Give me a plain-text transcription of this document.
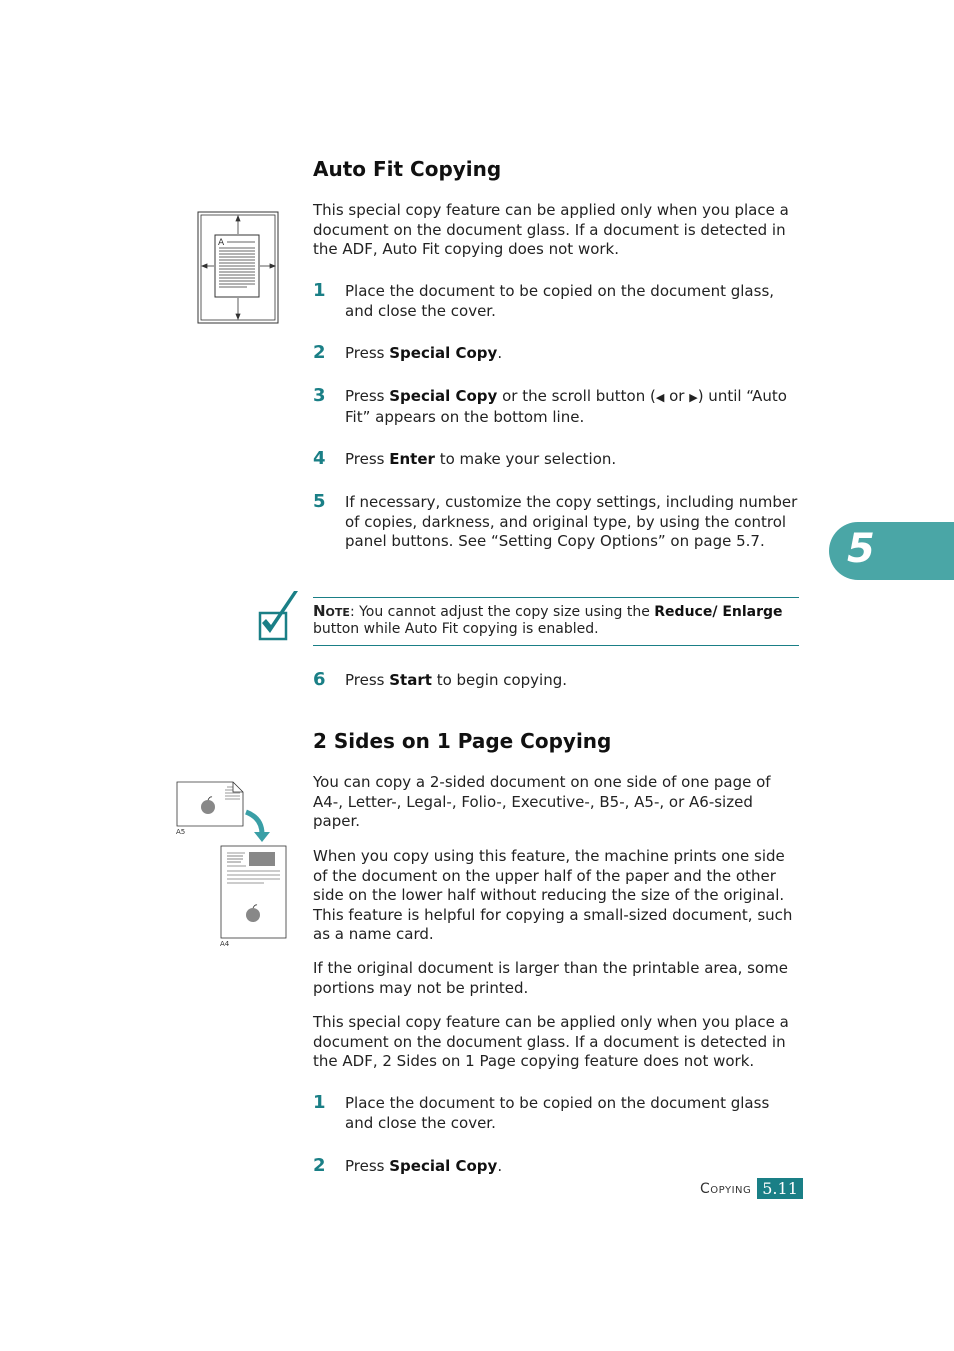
Auto Fit Copying
A
This special copy feature can be applied only when you place a document on the document glass. If a document is detected in the ADF, Auto Fit copying does not work.
1 Place the document to be copied on the document glass, and close the cover.
2 Press Special Copy.
3 Press Special Copy or the scroll button (◀ or ▶) until “Auto Fit” appears on the bottom line.
4 Press Enter to make your selection.
5 If necessary, customize the copy settings, including number of copies, darkness, and original type, by using the control panel buttons. See “Setting Copy Options” on page 5.7.
Note: You cannot adjust the copy size using the Reduce/ Enlarge button while Auto Fit copying is enabled.
6 Press Start to begin copying.
2 Sides on 1 Page Copying
A5
A4
You can copy a 2-sided document on one side of one page of A4-, Letter-, Legal-, Folio-, Executive-, B5-, A5-, or A6-sized paper.
When you copy using this feature, the machine prints one side of the document on the upper half of the paper and the other side on the lower half without reducing the size of the original. This feature is helpful for copying a small-sized document, such as a name card.
If the original document is larger than the printable area, some portions may not be printed.
This special copy feature can be applied only when you place a document on the document glass. If a document is detected in the ADF, 2 Sides on 1 Page copying feature does not work.
1 Place the document to be copied on the document glass and close the cover.
2 Press Special Copy.
5
Copying 5.11
